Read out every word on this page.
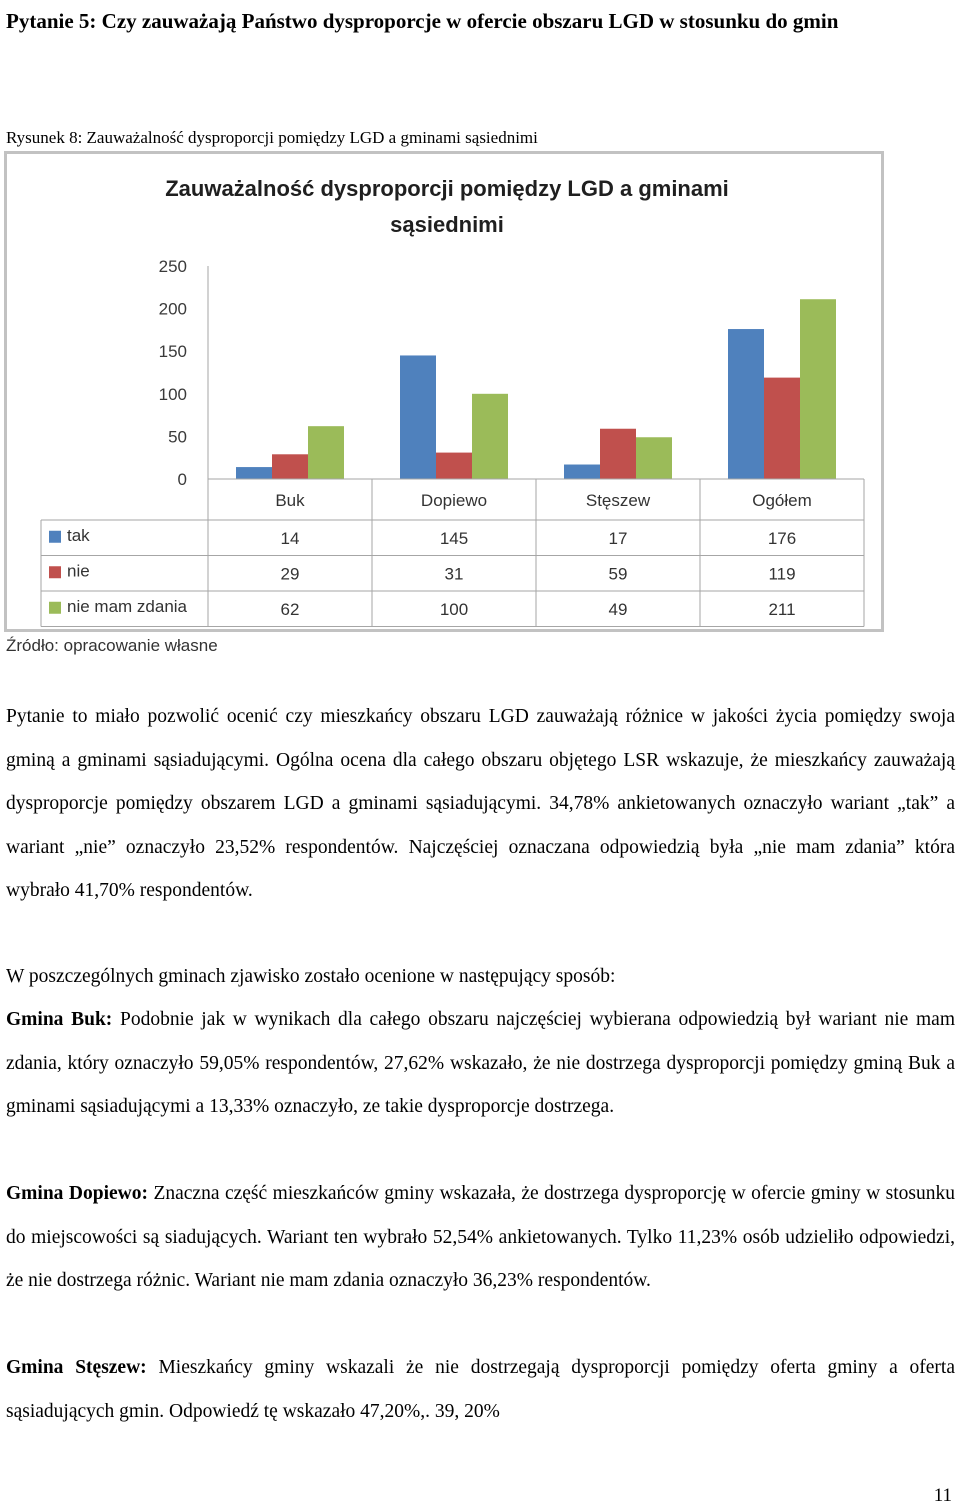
Pytanie 5: Czy zauważają Państwo dysproporcje w ofercie obszaru LGD w stosunku do gmin

Rysunek 8: Zauważalność dysproporcji pomiędzy LGD a gminami sąsiednimi

Zauważalność dysproporcji pomiędzy LGD a gminami
sąsiednimi
0
50
100
150
200
250
Buk	Dopiewo	Stęszew	Ogółem
tak	14	145	17	176
nie	29	31	59	119
nie mam zdania	62	100	49	211

Źródło: opracowanie własne

Pytanie to miało pozwolić ocenić czy mieszkańcy obszaru LGD zauważają różnice w jakości życia pomiędzy swoja gminą a gminami sąsiadującymi. Ogólna ocena dla całego obszaru objętego LSR wskazuje, że mieszkańcy zauważają dysproporcje pomiędzy obszarem LGD a gminami sąsiadującymi. 34,78% ankietowanych oznaczyło wariant „tak” a wariant „nie” oznaczyło 23,52% respondentów. Najczęściej oznaczana odpowiedzią była „nie mam zdania” która wybrało 41,70% respondentów.

W poszczególnych gminach zjawisko zostało ocenione w następujący sposób:

Gmina Buk: Podobnie jak w wynikach dla całego obszaru najczęściej wybierana odpowiedzią był wariant nie mam zdania, który oznaczyło 59,05% respondentów, 27,62% wskazało, że nie dostrzega dysproporcji pomiędzy gminą Buk a gminami sąsiadującymi a 13,33% oznaczyło, ze takie dysproporcje dostrzega.

Gmina Dopiewo: Znaczna część mieszkańców gminy wskazała, że dostrzega dysproporcję w ofercie gminy w stosunku do miejscowości są siadujących. Wariant ten wybrało 52,54% ankietowanych. Tylko 11,23% osób udzieliło odpowiedzi, że nie dostrzega różnic. Wariant nie mam zdania oznaczyło 36,23% respondentów.

Gmina Stęszew: Mieszkańcy gminy wskazali że nie dostrzegają dysproporcji pomiędzy oferta gminy a oferta sąsiadujących gmin. Odpowiedź tę wskazało 47,20%,. 39, 20%

11
